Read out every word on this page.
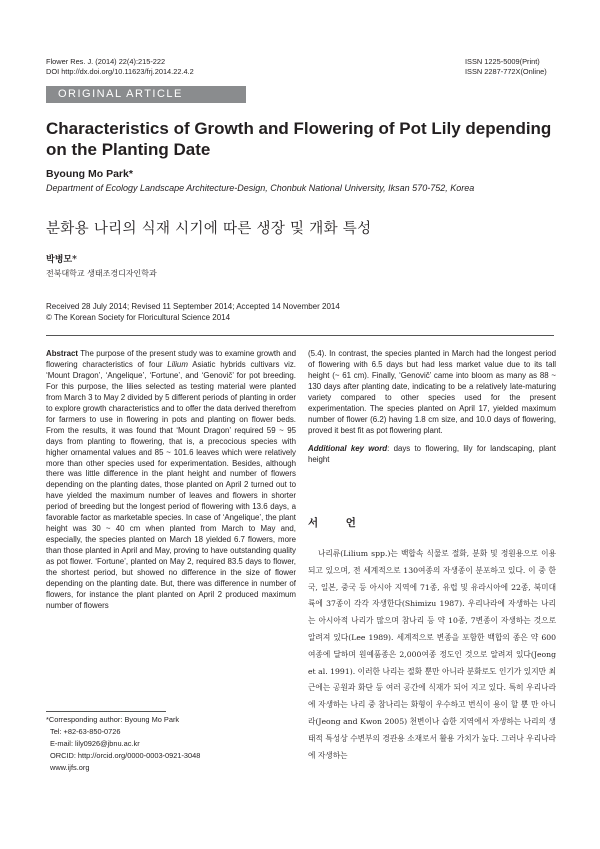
Flower Res. J. (2014) 22(4):215-222
DOI http://dx.doi.org/10.11623/frj.2014.22.4.2
ISSN 1225-5009(Print)
ISSN 2287-772X(Online)
ORIGINAL ARTICLE
Characteristics of Growth and Flowering of Pot Lily depending on the Planting Date
Byoung Mo Park*
Department of Ecology Landscape Architecture-Design, Chonbuk National University, Iksan 570-752, Korea
분화용 나리의 식재 시기에 따른 생장 및 개화 특성
박병모*
전북대학교 생태조경디자인학과
Received 28 July 2014; Revised 11 September 2014; Accepted 14 November 2014
© The Korean Society for Floricultural Science 2014

Abstract The purpose of the present study was to examine growth and flowering characteristics of four Lilium Asiatic hybrids cultivars viz. ‘Mount Dragon’, ‘Angelique’, ‘Fortune’, and ‘Genovič’ for pot breeding. For this purpose, the lilies selected as testing material were planted from March 3 to May 2 divided by 5 different periods of planting in order to explore growth characteristics and to offer the data derived therefrom for farmers to use in flowering in pots and planting on flower beds. From the results, it was found that ‘Mount Dragon’ required 59 ~ 95 days from planting to flowering, that is, a precocious species with higher ornamental values and 85 ~ 101.6 leaves which were relatively more than other species used for experimentation. Besides, although there was little difference in the plant height and number of flowers depending on the planting dates, those planted on April 2 turned out to have yielded the maximum number of leaves and flowers in shorter period of breeding but the longest period of flowering with 13.6 days, a favorable factor as marketable species. In case of ‘Angelique’, the plant height was 30 ~ 40 cm when planted from March to May and, especially, the species planted on March 18 yielded 6.7 flowers, more than those planted in April and May, proving to have outstanding quality as pot flower. ‘Fortune’, planted on May 2, required 83.5 days to flower, the shortest period, but showed no difference in the size of flower depending on the planting date. But, there was difference in number of flowers, for instance the plant planted on April 2 produced maximum number of flowers

(5.4). In contrast, the species planted in March had the longest period of flowering with 6.5 days but had less market value due to its tall height (~ 61 cm). Finally, ‘Genovič’ came into bloom as many as 88 ~ 130 days after planting date, indicating to be a relatively late-maturing variety compared to other species used for the present experimentation. The species planted on April 17, yielded maximum number of flower (6.2) having 1.8 cm size, and 10.0 days of flowering, proved it best fit as pot flowering plant.

Additional key word: days to flowering, lily for landscaping, plant height

서 언

나리류(Lilium spp.)는 백합속 식물로 절화, 분화 및 정원용으로 이용되고 있으며, 전 세계적으로 130여종의 자생종이 분포하고 있다. 이 중 한국, 일본, 중국 등 아시아 지역에 71종, 유럽 및 유라시아에 22종, 북미대륙에 37종이 각각 자생한다(Shimizu 1987). 우리나라에 자생하는 나리는 아시아적 나리가 많으며 참나리 등 약 10종, 7변종이 자생하는 것으로 알려져 있다(Lee 1989). 세계적으로 변종을 포함한 백합의 종은 약 600여종에 달하며 원예품종은 2,000여종 정도인 것으로 알려져 있다(Jeong et al. 1991). 이러한 나리는 절화 뿐만 아니라 분화로도 인기가 있지만 최근에는 공원과 화단 등 여러 공간에 식재가 되어 지고 있다. 특히 우리나라에 자생하는 나리 중 참나리는 화형이 우수하고 번식이 용이 할 뿐 만 아니라(Jeong and Kwon 2005) 천변이나 습한 지역에서 자생하는 나리의 생태적 특성상 수변부의 경관용 소재로서 활용 가치가 높다. 그러나 우리나라에 자생하는

*Corresponding author: Byoung Mo Park
Tel: +82-63-850-0726
E-mail: lily0926@jbnu.ac.kr
ORCID: http://orcid.org/0000-0003-0921-3048
www.ijfs.org
